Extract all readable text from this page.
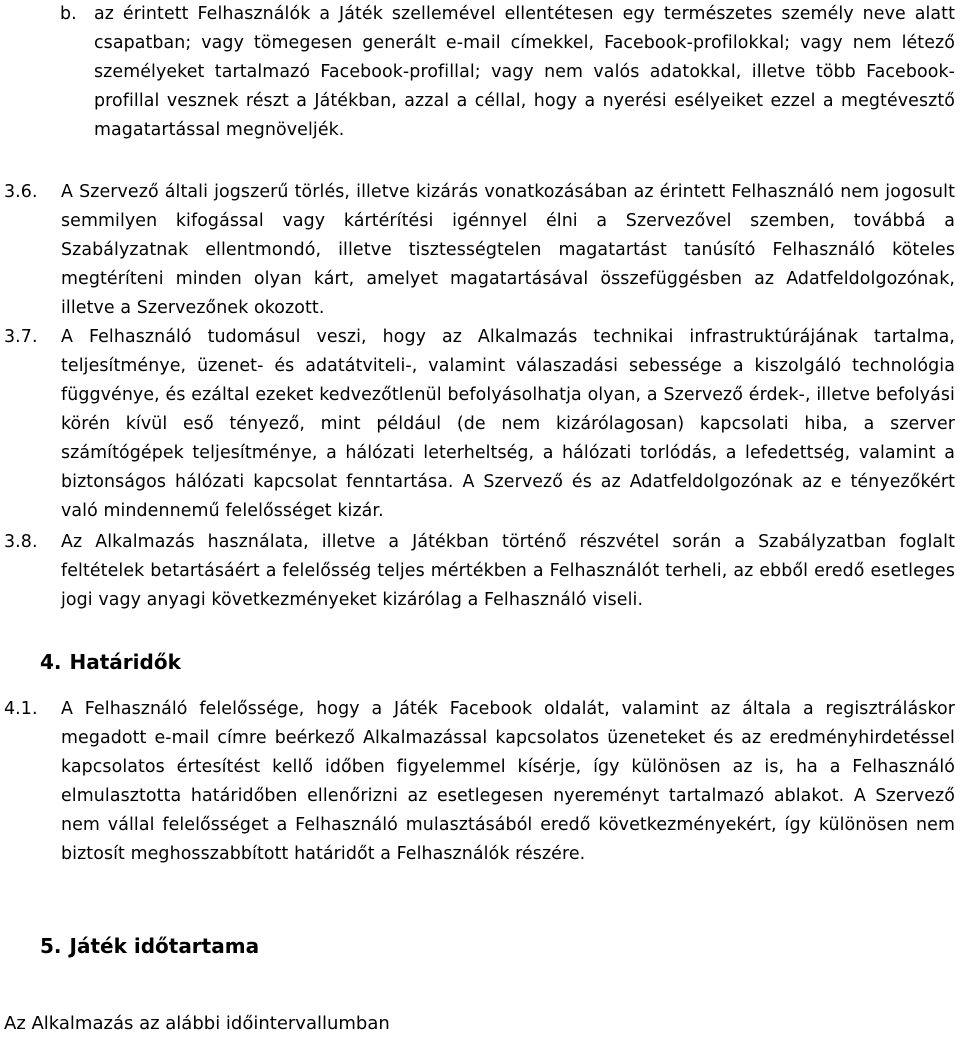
b. az érintett Felhasználók a Játék szellemével ellentétesen egy természetes személy neve alatt csapatban; vagy tömegesen generált e-mail címekkel, Facebook-profilokkal; vagy nem létező személyeket tartalmazó Facebook-profillal; vagy nem valós adatokkal, illetve több Facebook-profillal vesznek részt a Játékban, azzal a céllal, hogy a nyerési esélyeiket ezzel a megtévesztő magatartással megnöveljék.
3.6. A Szervező általi jogszerű törlés, illetve kizárás vonatkozásában az érintett Felhasználó nem jogosult semmilyen kifogással vagy kártérítési igénnyel élni a Szervezővel szemben, továbbá a Szabályzatnak ellentmondó, illetve tisztességtelen magatartást tanúsító Felhasználó köteles megtéríteni minden olyan kárt, amelyet magatartásával összefüggésben az Adatfeldolgozónak, illetve a Szervezőnek okozott.
3.7. A Felhasználó tudomásul veszi, hogy az Alkalmazás technikai infrastruktúrájának tartalma, teljesítménye, üzenet- és adatátviteli-, valamint válaszadási sebessége a kiszolgáló technológia függvénye, és ezáltal ezeket kedvezőtlenül befolyásolhatja olyan, a Szervező érdek-, illetve befolyási körén kívül eső tényező, mint például (de nem kizárólagosan) kapcsolati hiba, a szerver számítógépek teljesítménye, a hálózati leterheltség, a hálózati torlódás, a lefedettség, valamint a biztonságos hálózati kapcsolat fenntartása. A Szervező és az Adatfeldolgozónak az e tényezőkért való mindennemű felelősséget kizár.
3.8. Az Alkalmazás használata, illetve a Játékban történő részvétel során a Szabályzatban foglalt feltételek betartásáért a felelősség teljes mértékben a Felhasználót terheli, az ebből eredő esetleges jogi vagy anyagi következményeket kizárólag a Felhasználó viseli.
4. Határidők
4.1. A Felhasználó felelőssége, hogy a Játék Facebook oldalát, valamint az általa a regisztráláskor megadott e-mail címre beérkező Alkalmazással kapcsolatos üzeneteket és az eredményhirdetéssel kapcsolatos értesítést kellő időben figyelemmel kísérje, így különösen az is, ha a Felhasználó elmulasztotta határidőben ellenőrizni az esetlegesen nyereményt tartalmazó ablakot. A Szervező nem vállal felelősséget a Felhasználó mulasztásából eredő következményekért, így különösen nem biztosít meghosszabbított határidőt a Felhasználók részére.
5. Játék időtartama
Az Alkalmazás az alábbi időintervallumban
